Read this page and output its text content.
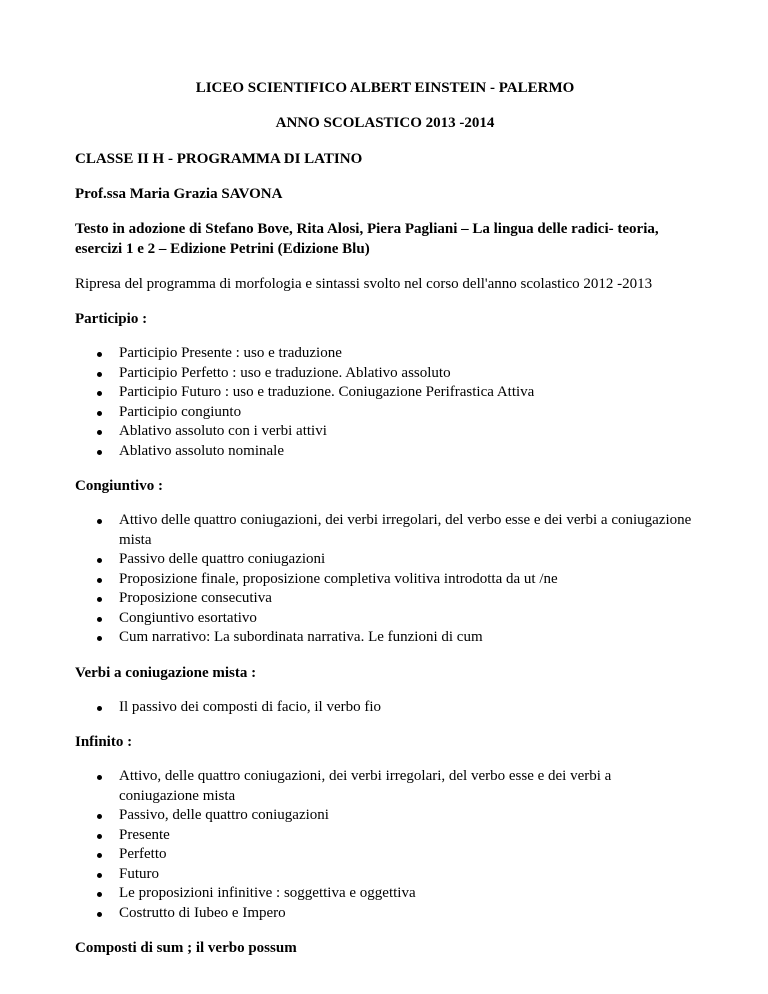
LICEO SCIENTIFICO ALBERT EINSTEIN - PALERMO
ANNO SCOLASTICO 2013 -2014
CLASSE II H - PROGRAMMA DI LATINO
Prof.ssa Maria Grazia SAVONA
Testo in adozione di Stefano Bove, Rita Alosi, Piera Pagliani – La lingua delle radici- teoria, esercizi 1 e 2 – Edizione Petrini (Edizione Blu)
Ripresa del programma di morfologia e sintassi svolto nel corso dell'anno scolastico 2012 -2013
Participio :
Participio Presente : uso e traduzione
Participio Perfetto : uso e traduzione. Ablativo assoluto
Participio Futuro : uso e traduzione. Coniugazione Perifrastica Attiva
Participio congiunto
Ablativo assoluto con i verbi attivi
Ablativo assoluto nominale
Congiuntivo :
Attivo delle quattro coniugazioni, dei verbi irregolari, del verbo esse e dei verbi a coniugazione mista
Passivo delle quattro coniugazioni
Proposizione finale, proposizione completiva volitiva introdotta da ut /ne
Proposizione consecutiva
Congiuntivo esortativo
Cum narrativo: La subordinata narrativa. Le funzioni di cum
Verbi a coniugazione mista :
Il passivo dei composti di facio, il verbo fio
Infinito :
Attivo, delle quattro coniugazioni, dei verbi irregolari, del verbo esse e dei verbi a coniugazione mista
Passivo, delle quattro coniugazioni
Presente
Perfetto
Futuro
Le proposizioni infinitive : soggettiva e oggettiva
Costrutto di Iubeo e Impero
Composti di sum ; il verbo possum
